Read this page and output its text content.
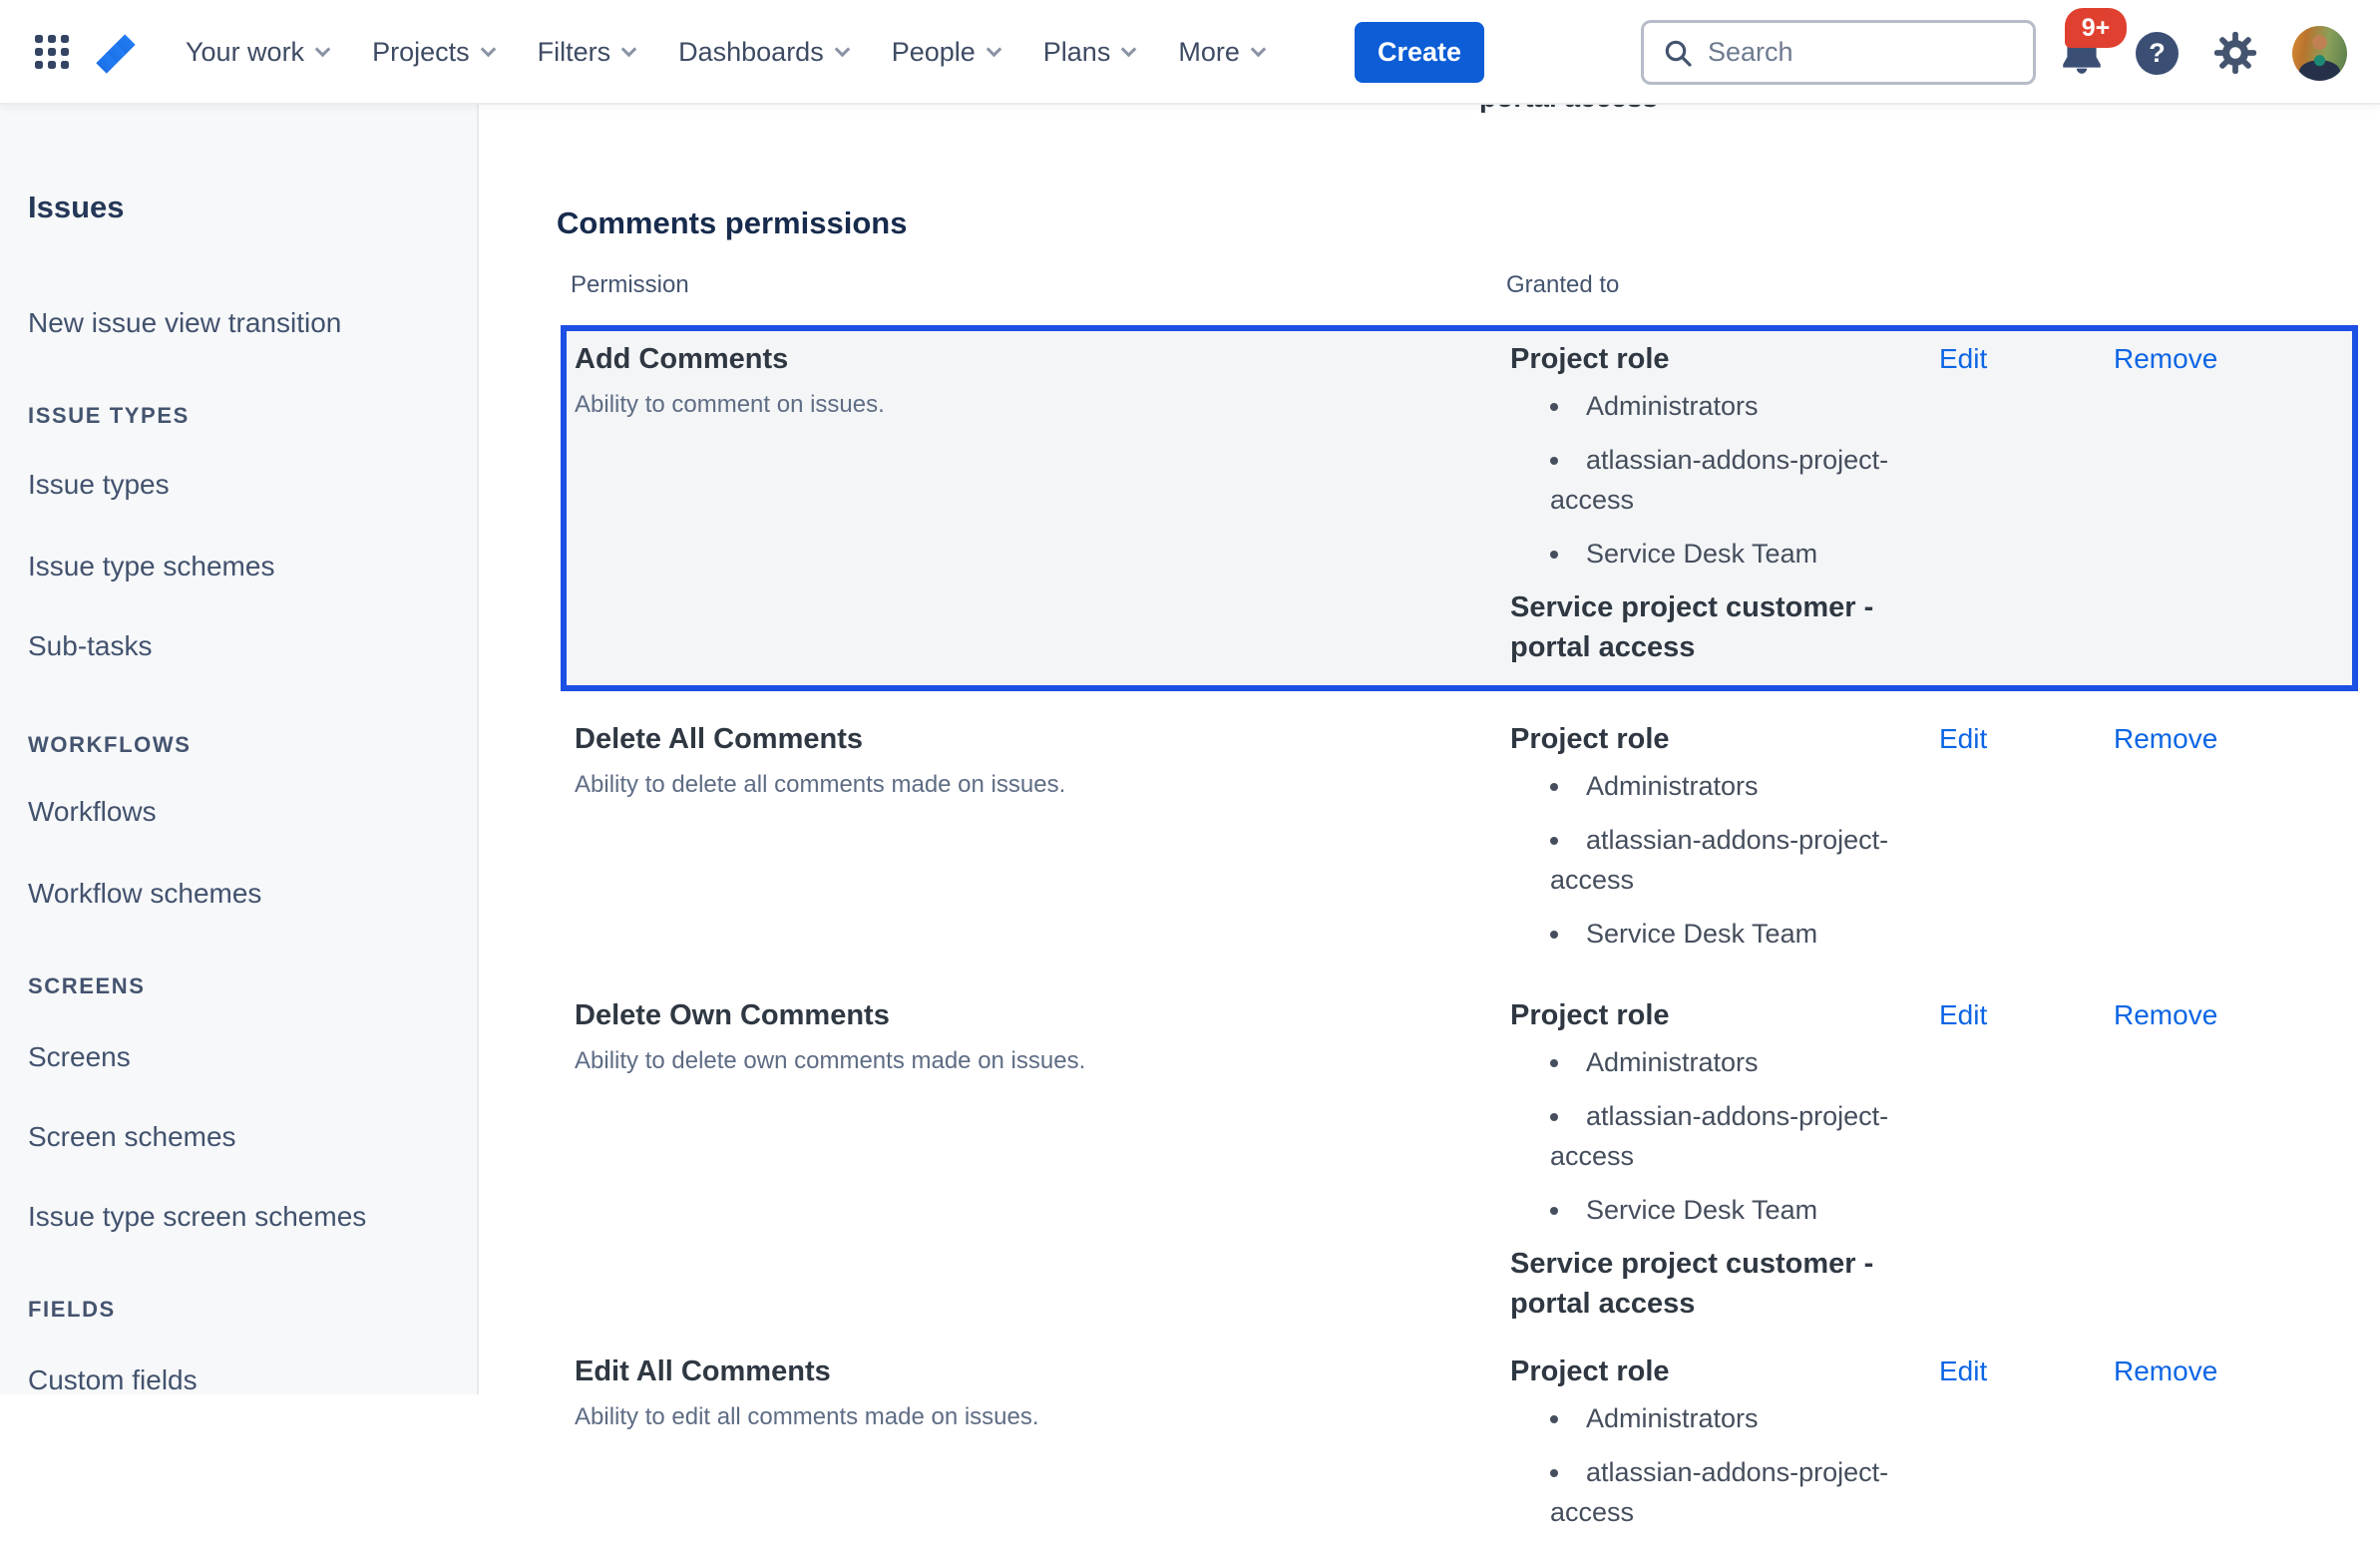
Issues
New issue view transition
ISSUE TYPES
Issue types
Issue type schemes
Sub-tasks
WORKFLOWS
Workflows
Workflow schemes
SCREENS
Screens
Screen schemes
Issue type screen schemes
FIELDS
Custom fields
Comments permissions
Permission	Granted to
Add Comments
Ability to comment on issues.
Project role
• Administrators
• atlassian-addons-project-access
• Service Desk Team
Service project customer - portal access
Edit	Remove
Delete All Comments
Ability to delete all comments made on issues.
Project role
• Administrators
• atlassian-addons-project-access
• Service Desk Team
Edit	Remove
Delete Own Comments
Ability to delete own comments made on issues.
Project role
• Administrators
• atlassian-addons-project-access
• Service Desk Team
Service project customer - portal access
Edit	Remove
Edit All Comments
Ability to edit all comments made on issues.
Project role
• Administrators
• atlassian-addons-project-access
Edit	Remove
Your work	Projects	Filters	Dashboards	People	Plans	More	Create
Search
9+
?
